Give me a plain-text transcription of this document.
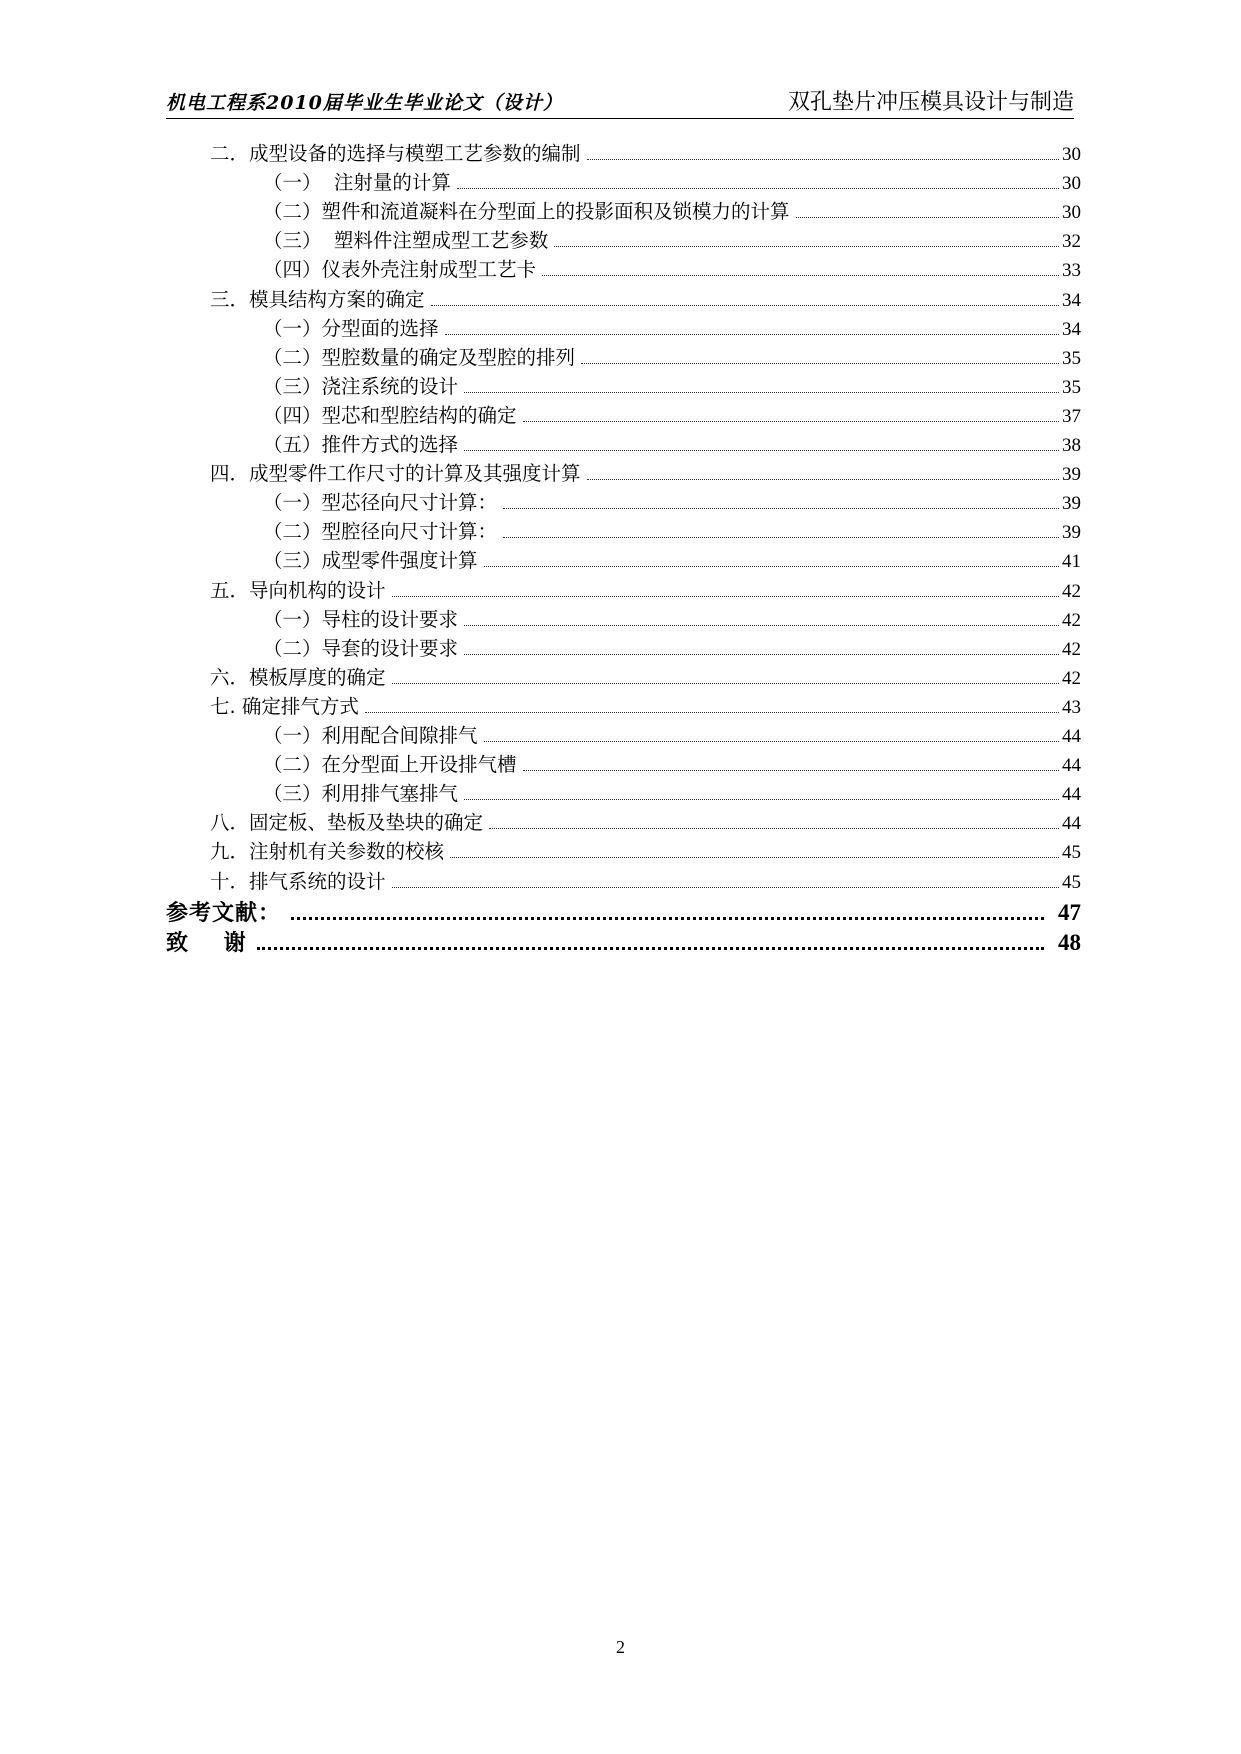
机电工程系2010届毕业生毕业论文（设计）	双孔垫片冲压模具设计与制造
二．成型设备的选择与模塑工艺参数的编制	30
（一）  注射量的计算	30
（二）塑件和流道凝料在分型面上的投影面积及锁模力的计算	30
（三）  塑料件注塑成型工艺参数	32
（四）仪表外壳注射成型工艺卡	33
三．模具结构方案的确定	34
（一）分型面的选择	34
（二）型腔数量的确定及型腔的排列	35
（三）浇注系统的设计	35
（四）型芯和型腔结构的确定	37
（五）推件方式的选择	38
四．成型零件工作尺寸的计算及其强度计算	39
（一）型芯径向尺寸计算：	39
（二）型腔径向尺寸计算：	39
（三）成型零件强度计算	41
五．导向机构的设计	42
（一）导柱的设计要求	42
（二）导套的设计要求	42
六．模板厚度的确定	42
七. 确定排气方式	43
（一）利用配合间隙排气	44
（二）在分型面上开设排气槽	44
（三）利用排气塞排气	44
八．固定板、垫板及垫块的确定	44
九．注射机有关参数的校核	45
十．排气系统的设计	45
参考文献：	47
致    谢	48
2
